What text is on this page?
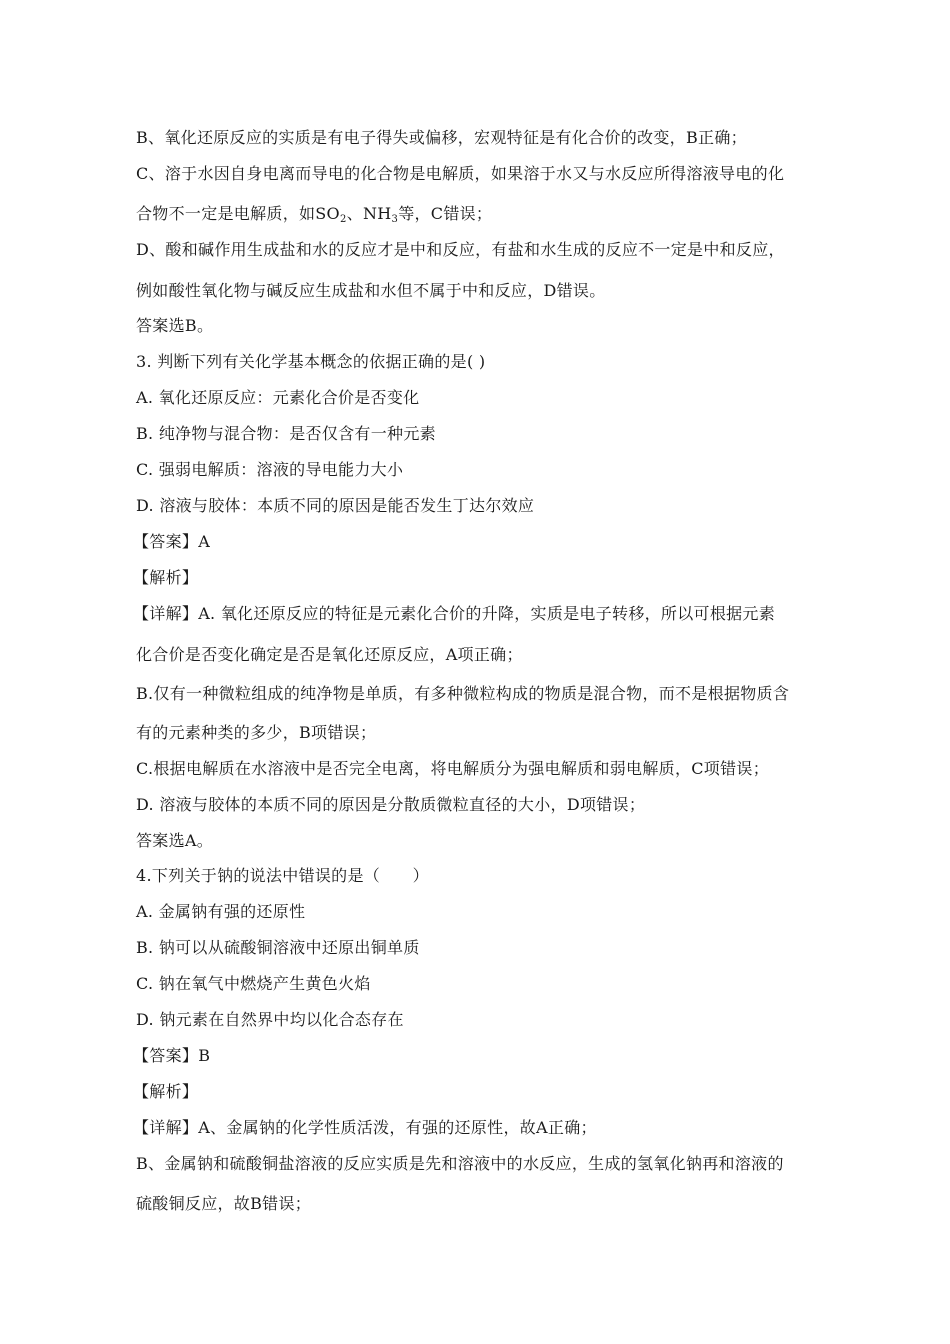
B、氧化还原反应的实质是有电子得失或偏移，宏观特征是有化合价的改变，B正确；
C、溶于水因自身电离而导电的化合物是电解质，如果溶于水又与水反应所得溶液导电的化
合物不一定是电解质，如$SO_2$、$NH_3$等，C错误；
D、酸和碱作用生成盐和水的反应才是中和反应，有盐和水生成的反应不一定是中和反应，
例如酸性氧化物与碱反应生成盐和水但不属于中和反应，D错误。
答案选B。
3. 判断下列有关化学基本概念的依据正确的是( )
A. 氧化还原反应：元素化合价是否变化
B. 纯净物与混合物：是否仅含有一种元素
C. 强弱电解质：溶液的导电能力大小
D. 溶液与胶体：本质不同的原因是能否发生丁达尔效应
【答案】A
【解析】
【详解】A. 氧化还原反应的特征是元素化合价的升降，实质是电子转移，所以可根据元素
化合价是否变化确定是否是氧化还原反应，A项正确；
B.仅有一种微粒组成的纯净物是单质，有多种微粒构成的物质是混合物，而不是根据物质含
有的元素种类的多少，B项错误；
C.根据电解质在水溶液中是否完全电离，将电解质分为强电解质和弱电解质，C项错误；
D. 溶液与胶体的本质不同的原因是分散质微粒直径的大小，D项错误；
答案选A。
4.下列关于钠的说法中错误的是（　　）
A. 金属钠有强的还原性
B. 钠可以从硫酸铜溶液中还原出铜单质
C. 钠在氧气中燃烧产生黄色火焰
D. 钠元素在自然界中均以化合态存在
【答案】B
【解析】
【详解】A、金属钠的化学性质活泼，有强的还原性，故A正确；
B、金属钠和硫酸铜盐溶液的反应实质是先和溶液中的水反应，生成的氢氧化钠再和溶液的
硫酸铜反应，故B错误；
